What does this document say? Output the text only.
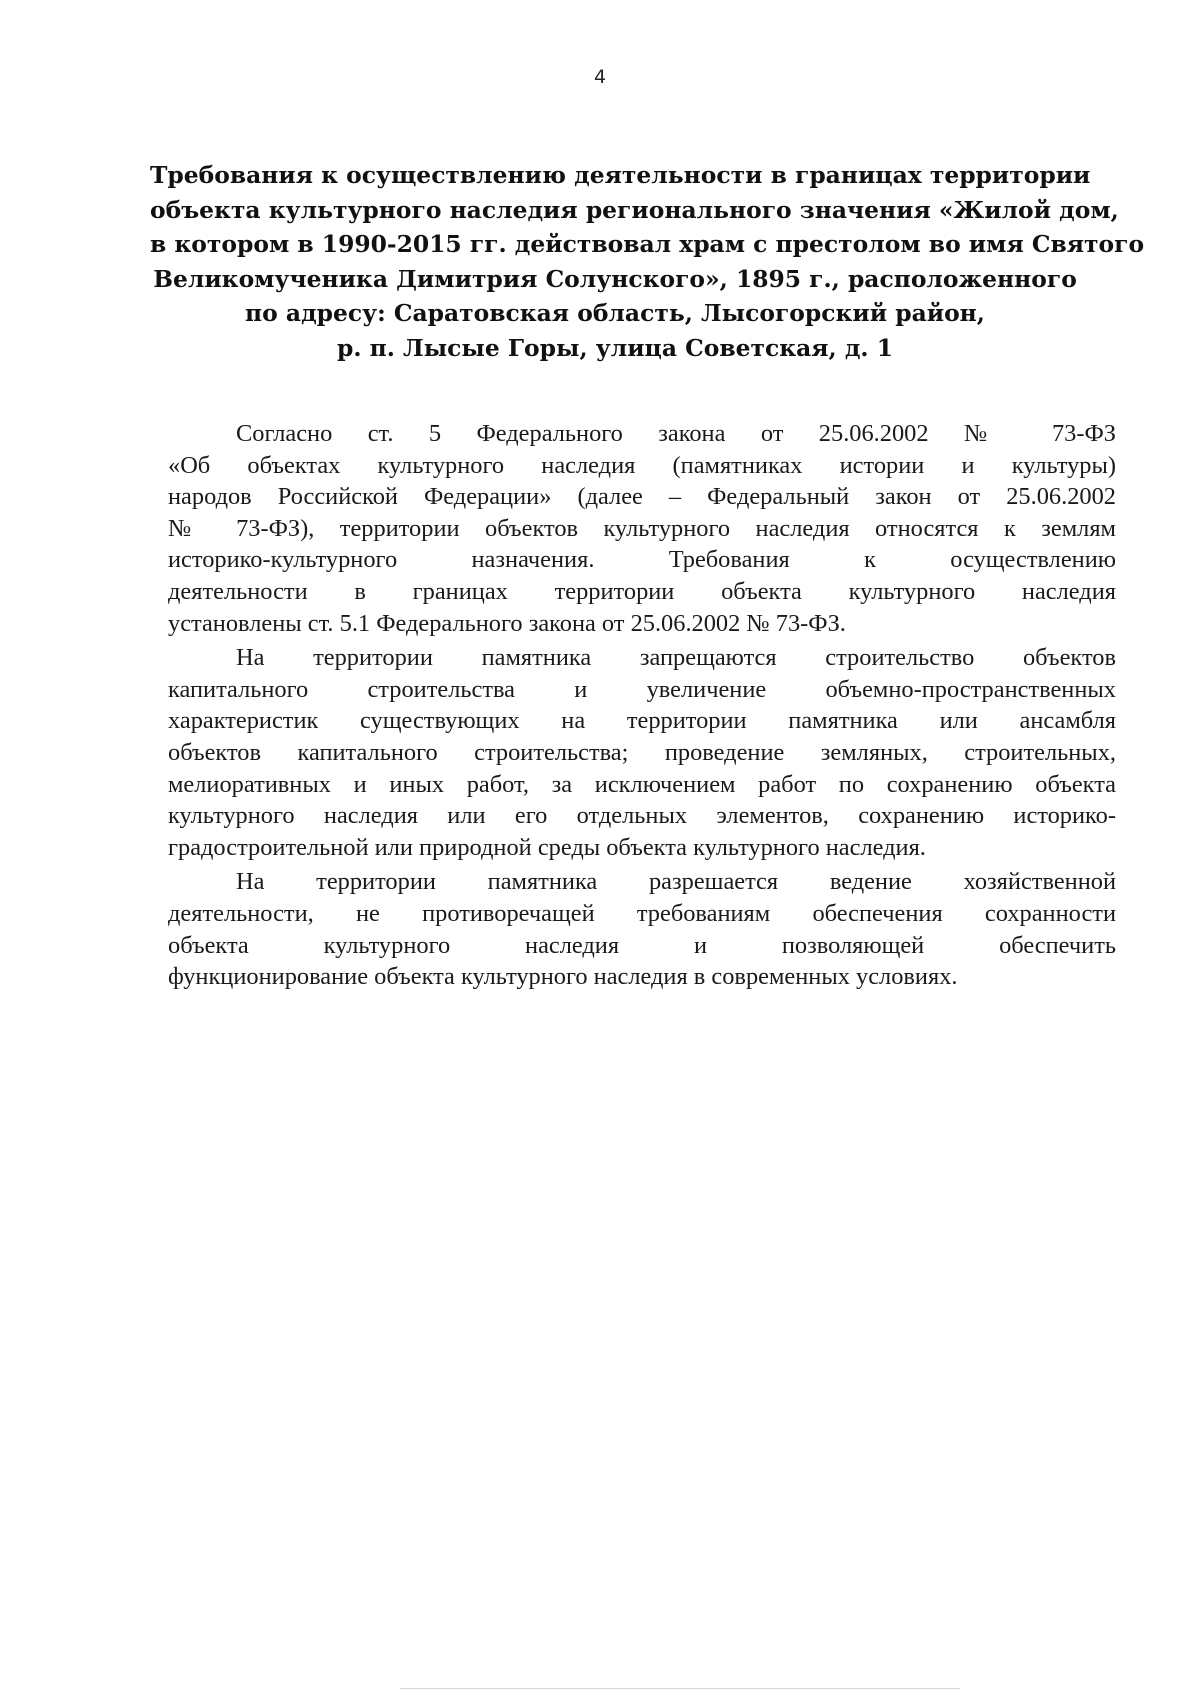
4
Требования к осуществлению деятельности в границах территории
объекта культурного наследия регионального значения «Жилой дом,
в котором в 1990-2015 гг. действовал храм с престолом во имя Святого
Великомученика Димитрия Солунского», 1895 г., расположенного
по адресу: Саратовская область, Лысогорский район,
р. п. Лысые Горы, улица Советская, д. 1
Согласно ст. 5 Федерального закона от 25.06.2002 № 73-ФЗ
«Об объектах культурного наследия (памятниках истории и культуры)
народов Российской Федерации» (далее – Федеральный закон от 25.06.2002
№ 73-ФЗ), территории объектов культурного наследия относятся к землям
историко-культурного назначения. Требования к осуществлению
деятельности в границах территории объекта культурного наследия
установлены ст. 5.1 Федерального закона от 25.06.2002 № 73-ФЗ.
На территории памятника запрещаются строительство объектов
капитального строительства и увеличение объемно-пространственных
характеристик существующих на территории памятника или ансамбля
объектов капитального строительства; проведение земляных, строительных,
мелиоративных и иных работ, за исключением работ по сохранению объекта
культурного наследия или его отдельных элементов, сохранению историко-
градостроительной или природной среды объекта культурного наследия.
На территории памятника разрешается ведение хозяйственной
деятельности, не противоречащей требованиям обеспечения сохранности
объекта культурного наследия и позволяющей обеспечить
функционирование объекта культурного наследия в современных условиях.
